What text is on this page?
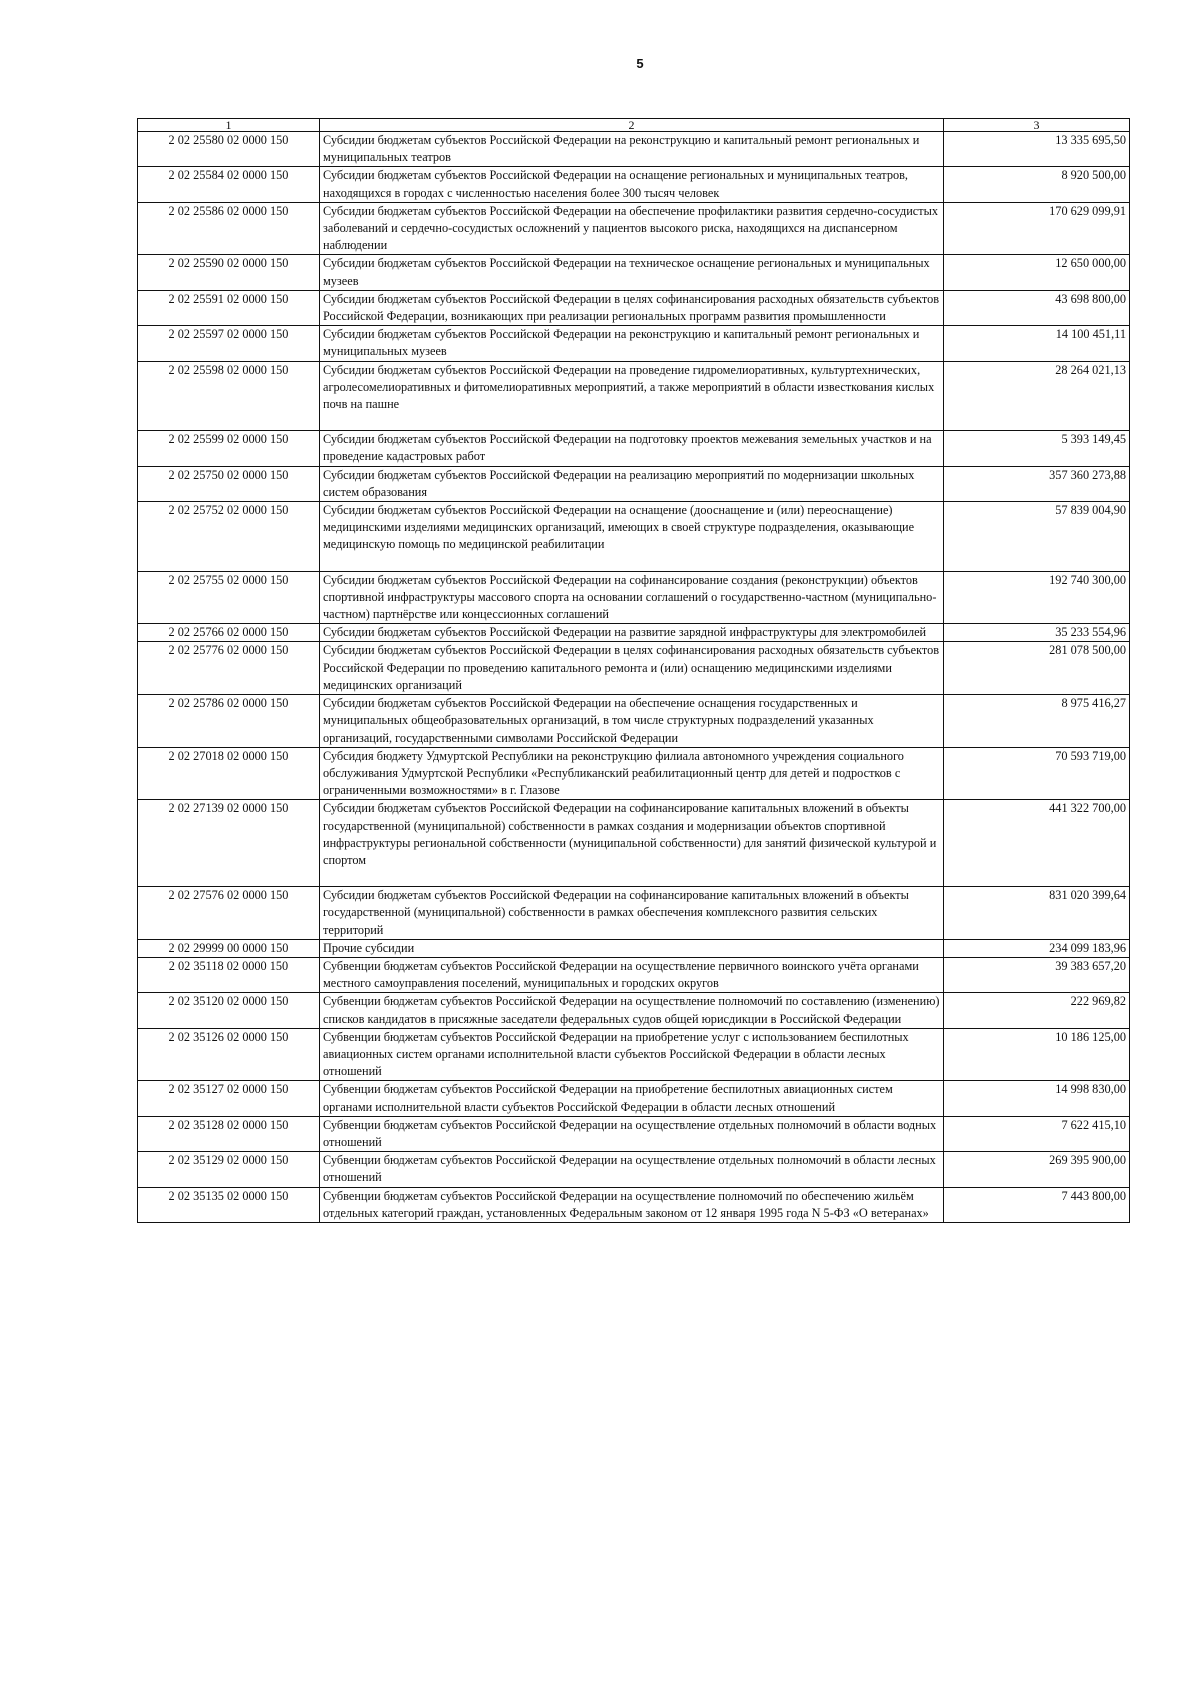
5
1	2	3
2 02 25580 02 0000 150	Субсидии бюджетам субъектов Российской Федерации на реконструкцию и капитальный ремонт региональных и муниципальных театров	13 335 695,50
2 02 25584 02 0000 150	Субсидии бюджетам субъектов Российской Федерации на оснащение региональных и муниципальных театров, находящихся в городах с численностью населения более 300 тысяч человек	8 920 500,00
2 02 25586 02 0000 150	Субсидии бюджетам субъектов Российской Федерации на обеспечение профилактики развития сердечно-сосудистых заболеваний и сердечно-сосудистых осложнений у пациентов высокого риска, находящихся на диспансерном наблюдении	170 629 099,91
2 02 25590 02 0000 150	Субсидии бюджетам субъектов Российской Федерации на техническое оснащение региональных и муниципальных музеев	12 650 000,00
2 02 25591 02 0000 150	Субсидии бюджетам субъектов Российской Федерации в целях софинансирования расходных обязательств субъектов Российской Федерации, возникающих при реализации региональных программ развития промышленности	43 698 800,00
2 02 25597 02 0000 150	Субсидии бюджетам субъектов Российской Федерации на реконструкцию и капитальный ремонт региональных и муниципальных музеев	14 100 451,11
2 02 25598 02 0000 150	Субсидии бюджетам субъектов Российской Федерации на проведение гидромелиоративных, культуртехнических, агролесомелиоративных и фитомелиоративных мероприятий, а также мероприятий в области известкования кислых почв на пашне	28 264 021,13
2 02 25599 02 0000 150	Субсидии бюджетам субъектов Российской Федерации на подготовку проектов межевания земельных участков и на проведение кадастровых работ	5 393 149,45
2 02 25750 02 0000 150	Субсидии бюджетам субъектов Российской Федерации на реализацию мероприятий по модернизации школьных систем образования	357 360 273,88
2 02 25752 02 0000 150	Субсидии бюджетам субъектов Российской Федерации на оснащение (дооснащение и (или) переоснащение) медицинскими изделиями медицинских организаций, имеющих в своей структуре подразделения, оказывающие медицинскую помощь по медицинской реабилитации	57 839 004,90
2 02 25755 02 0000 150	Субсидии бюджетам субъектов Российской Федерации на софинансирование создания (реконструкции) объектов спортивной инфраструктуры массового спорта на основании соглашений о государственно-частном (муниципально-частном) партнёрстве или концессионных соглашений	192 740 300,00
2 02 25766 02 0000 150	Субсидии бюджетам субъектов Российской Федерации на развитие зарядной инфраструктуры для электромобилей	35 233 554,96
2 02 25776 02 0000 150	Субсидии бюджетам субъектов Российской Федерации в целях софинансирования расходных обязательств субъектов Российской Федерации по проведению капитального ремонта и (или) оснащению медицинскими изделиями медицинских организаций	281 078 500,00
2 02 25786 02 0000 150	Субсидии бюджетам субъектов Российской Федерации на обеспечение оснащения государственных и муниципальных общеобразовательных организаций, в том числе структурных подразделений указанных организаций, государственными символами Российской Федерации	8 975 416,27
2 02 27018 02 0000 150	Субсидия бюджету Удмуртской Республики на реконструкцию филиала автономного учреждения социального обслуживания Удмуртской Республики «Республиканский реабилитационный центр для детей и подростков с ограниченными возможностями» в г. Глазове	70 593 719,00
2 02 27139 02 0000 150	Субсидии бюджетам субъектов Российской Федерации на софинансирование капитальных вложений в объекты государственной (муниципальной) собственности в рамках создания и модернизации объектов спортивной инфраструктуры региональной собственности (муниципальной собственности) для занятий физической культурой и спортом	441 322 700,00
2 02 27576 02 0000 150	Субсидии бюджетам субъектов Российской Федерации на софинансирование капитальных вложений в объекты государственной (муниципальной) собственности в рамках обеспечения комплексного развития сельских территорий	831 020 399,64
2 02 29999 00 0000 150	Прочие субсидии	234 099 183,96
2 02 35118 02 0000 150	Субвенции бюджетам субъектов Российской Федерации на осуществление первичного воинского учёта органами местного самоуправления поселений, муниципальных и городских округов	39 383 657,20
2 02 35120 02 0000 150	Субвенции бюджетам субъектов Российской Федерации на осуществление полномочий по составлению (изменению) списков кандидатов в присяжные заседатели федеральных судов общей юрисдикции в Российской Федерации	222 969,82
2 02 35126 02 0000 150	Субвенции бюджетам субъектов Российской Федерации на приобретение услуг с использованием беспилотных авиационных систем органами исполнительной власти субъектов Российской Федерации в области лесных отношений	10 186 125,00
2 02 35127 02 0000 150	Субвенции бюджетам субъектов Российской Федерации на приобретение беспилотных авиационных систем органами исполнительной власти субъектов Российской Федерации в области лесных отношений	14 998 830,00
2 02 35128 02 0000 150	Субвенции бюджетам субъектов Российской Федерации на осуществление отдельных полномочий в области водных отношений	7 622 415,10
2 02 35129 02 0000 150	Субвенции бюджетам субъектов Российской Федерации на осуществление отдельных полномочий в области лесных отношений	269 395 900,00
2 02 35135 02 0000 150	Субвенции бюджетам субъектов Российской Федерации на осуществление полномочий по обеспечению жильём отдельных категорий граждан, установленных Федеральным законом от 12 января 1995 года N 5-ФЗ «О ветеранах»	7 443 800,00
